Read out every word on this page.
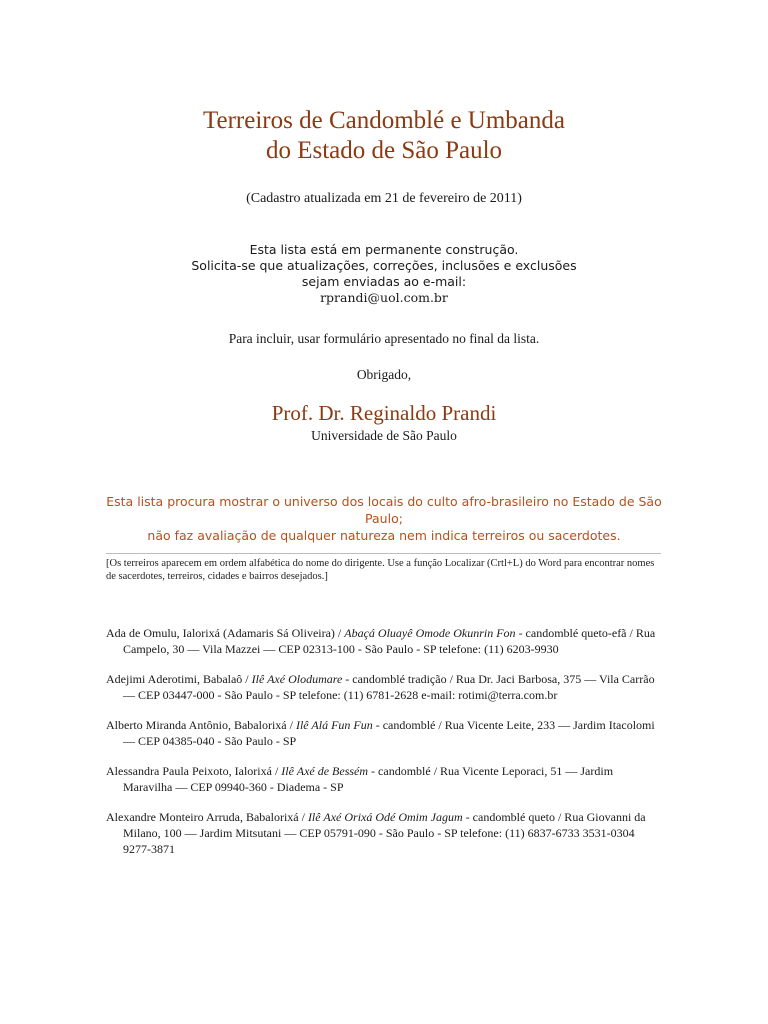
Terreiros de Candomblé e Umbanda
do Estado de São Paulo
(Cadastro atualizada em 21 de fevereiro de 2011)
Esta lista está em permanente construção.
Solicita-se que atualizações, correções, inclusões e exclusões
sejam enviadas ao e-mail:
rprandi@uol.com.br
Para incluir, usar formulário apresentado no final da lista.
Obrigado,
Prof. Dr. Reginaldo Prandi
Universidade de São Paulo
Esta lista procura mostrar o universo dos locais do culto afro-brasileiro no Estado de São Paulo;
não faz avaliação de qualquer natureza nem indica terreiros ou sacerdotes.
[Os terreiros aparecem em ordem alfabética do nome do dirigente. Use a função Localizar (Crtl+L) do Word para encontrar nomes de sacerdotes, terreiros, cidades e bairros desejados.]
Ada de Omulu, Ialorixá (Adamaris Sá Oliveira) / Abaçá Oluayê Omode Okunrin Fon - candomblé queto-efã / Rua Campelo, 30 — Vila Mazzei — CEP 02313-100 - São Paulo - SP telefone: (11) 6203-9930
Adejimi Aderotimi, Babalaô / Ilê Axé Olodumare - candomblé tradição / Rua Dr. Jaci Barbosa, 375 — Vila Carrão — CEP 03447-000 - São Paulo - SP telefone: (11) 6781-2628 e-mail: rotimi@terra.com.br
Alberto Miranda Antônio, Babalorixá / Ilê Alá Fun Fun - candomblé / Rua Vicente Leite, 233 — Jardim Itacolomi — CEP 04385-040 - São Paulo - SP
Alessandra Paula Peixoto, Ialorixá / Ilê Axé de Bessém - candomblé / Rua Vicente Leporaci, 51 — Jardim Maravilha — CEP 09940-360 - Diadema - SP
Alexandre Monteiro Arruda, Babalorixá / Ilê Axé Orixá Odé Omim Jagum - candomblé queto / Rua Giovanni da Milano, 100 — Jardim Mitsutani — CEP 05791-090 - São Paulo - SP telefone: (11) 6837-6733 3531-0304 9277-3871
